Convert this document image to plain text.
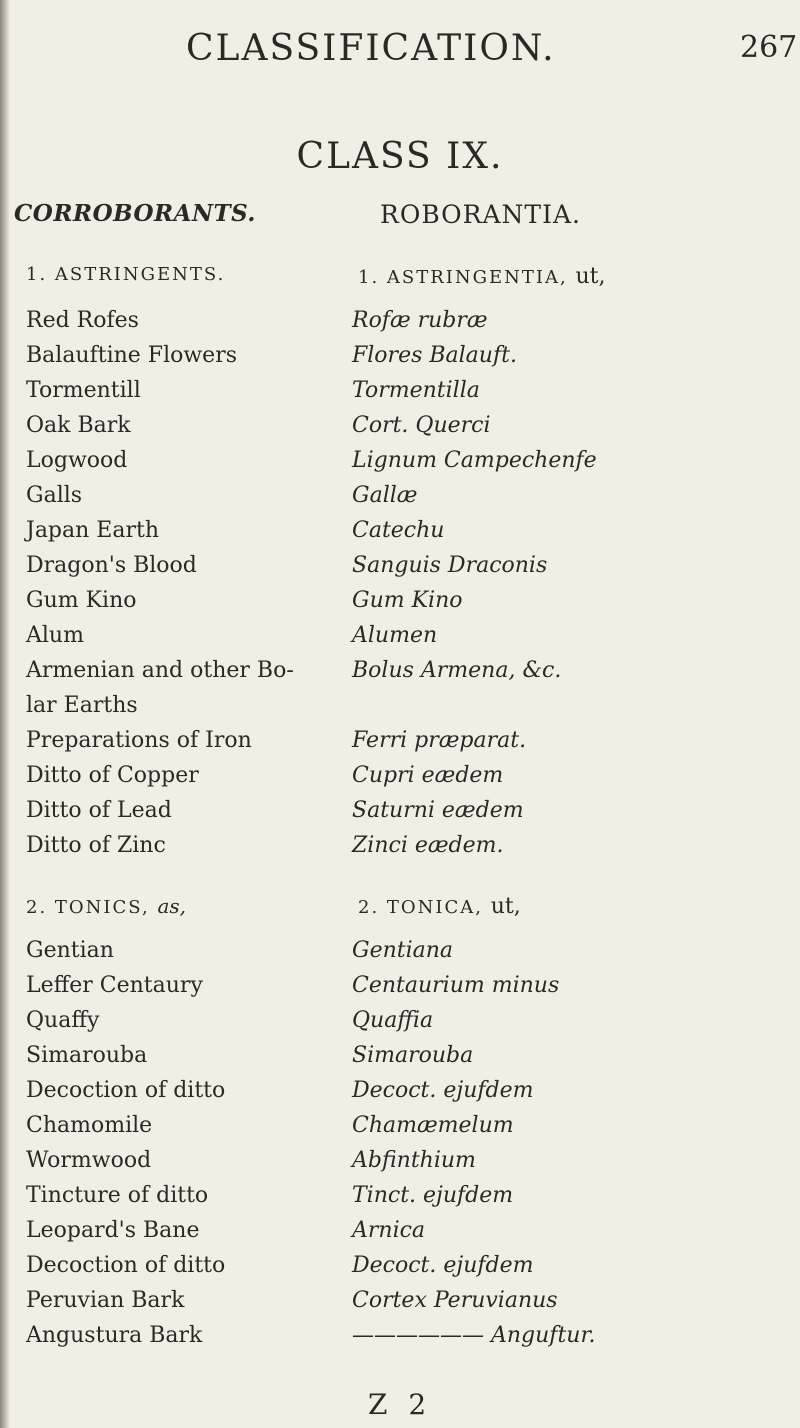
CLASSIFICATION.	267
CLASS IX.
CORROBORANTS.
1. ASTRINGENTS.
Red Rofes
Balauftine Flowers
Tormentill
Oak Bark
Logwood
Galls
Japan Earth
Dragon's Blood
Gum Kino
Alum
Armenian and other Bo-
lar Earths
Preparations of Iron
Ditto of Copper
Ditto of Lead
Ditto of Zinc
2. TONICS, as,
Gentian
Leffer Centaury
Quaffy
Simarouba
Decoction of ditto
Chamomile
Wormwood
Tincture of ditto
Leopard's Bane
Decoction of ditto
Peruvian Bark
Angustura Bark
ROBORANTIA.
1. ASTRINGENTIA, ut,
Rofæ rubræ
Flores Balauft.
Tormentilla
Cort. Querci
Lignum Campechenfe
Gallæ
Catechu
Sanguis Draconis
Gum Kino
Alumen
Bolus Armena, &c.
Ferri præparat.
Cupri eædem
Saturni eædem
Zinci eædem.
2. TONICA, ut,
Gentiana
Centaurium minus
Quaffia
Simarouba
Decoct. ejufdem
Chamæmelum
Abfinthium
Tinct. ejufdem
Arnica
Decoct. ejufdem
Cortex Peruvianus
—————— Anguftur.
Z 2
